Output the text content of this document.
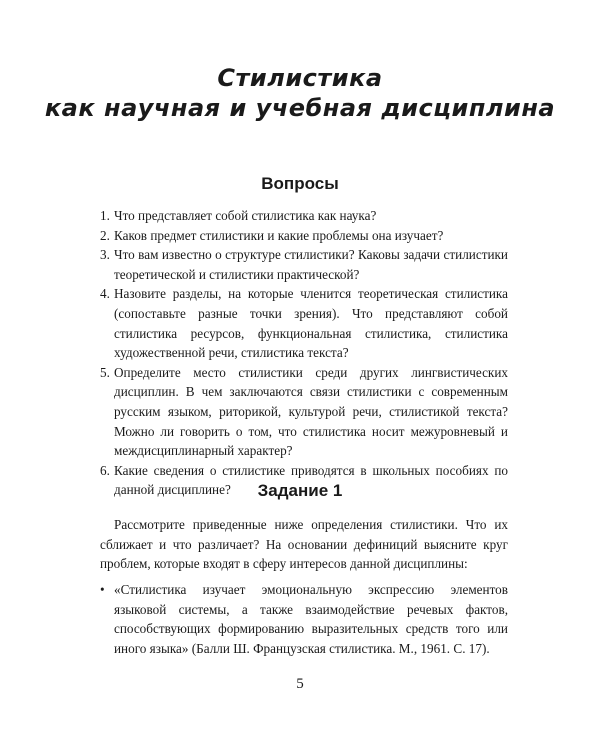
Стилистика
как научная и учебная дисциплина
Вопросы
1. Что представляет собой стилистика как наука?
2. Каков предмет стилистики и какие проблемы она изучает?
3. Что вам известно о структуре стилистики? Каковы задачи стилистики теоретической и стилистики практической?
4. Назовите разделы, на которые членится теоретическая стилистика (сопоставьте разные точки зрения). Что представляют собой стилистика ресурсов, функциональная стилистика, стилистика художественной речи, стилистика текста?
5. Определите место стилистики среди других лингвистических дисциплин. В чем заключаются связи стилистики с современным русским языком, риторикой, культурой речи, стилистикой текста? Можно ли говорить о том, что стилистика носит межуровневый и междисциплинарный характер?
6. Какие сведения о стилистике приводятся в школьных пособиях по данной дисциплине?	Задание 1

Рассмотрите приведенные ниже определения стилистики. Что их сближает и что различает? На основании дефиниций выясните круг проблем, которые входят в сферу интересов данной дисциплины:

• «Стилистика изучает эмоциональную экспрессию элементов языковой системы, а также взаимодействие речевых фактов, способствующих формированию выразительных средств того или иного языка» (Балли Ш. Французская стилистика. М., 1961. С. 17).
5
